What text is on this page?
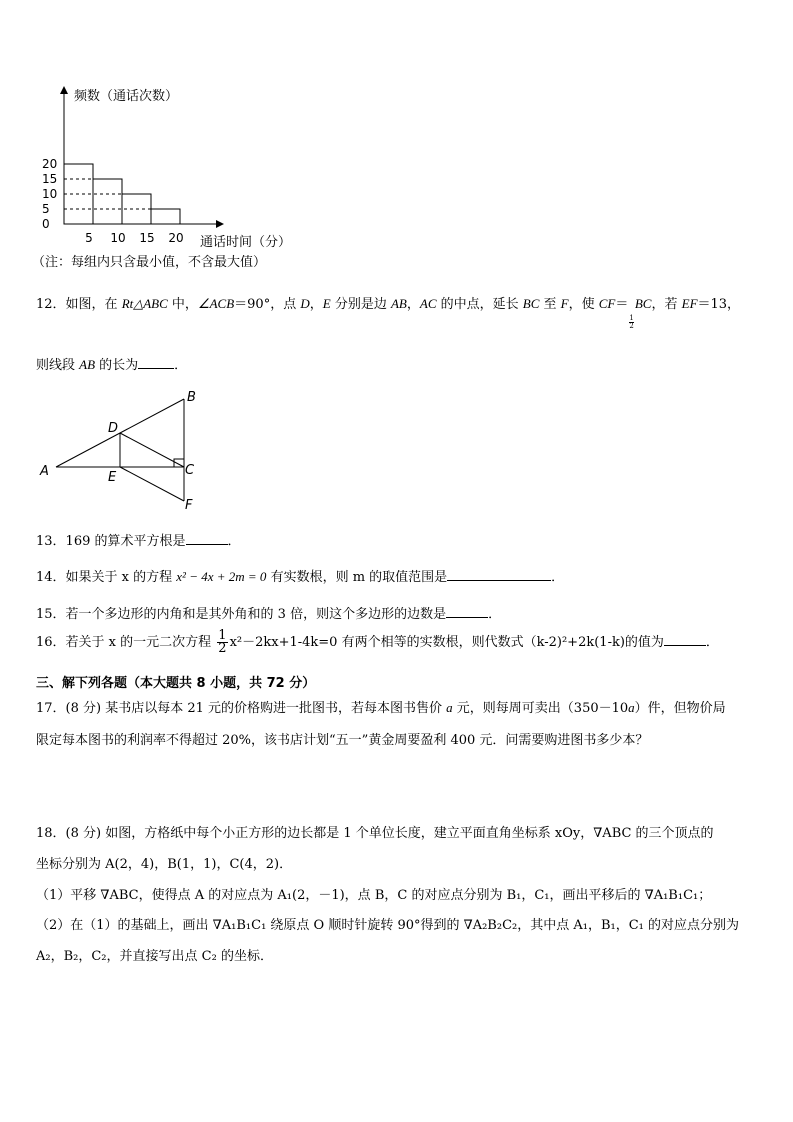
0
5
10
15
20
5 10 15 20
频数（通话次数）
通话时间（分）
（注：每组内只含最小值，不含最大值）
12．如图，在 Rt△ABC 中，∠ACB＝90°，点 D，E 分别是边 AB，AC 的中点，延长 BC 至 F，使 CF＝
$\frac{1}{2}$
BC，若 EF＝13，
则线段 AB 的长为	．
A
B
C
D
E
F
13．169 的算术平方根是	．
14．如果关于 x 的方程 x² − 4x + 2m = 0 有实数根，则 m 的取值范围是	．
15．若一个多边形的内角和是其外角和的 3 倍，则这个多边形的边数是	．
16．若关于 x 的一元二次方程 $\frac{1}{2} x^2-2kx+1-4k=0$ 有两个相等的实数根，则代数式（k-2)²+2k(1-k)的值为	．
三、解下列各题（本大题共 8 小题，共 72 分）
17．(8 分) 某书店以每本 21 元的价格购进一批图书，若每本图书售价 a 元，则每周可卖出（350－10a）件，但物价局
限定每本图书的利润率不得超过 20%，该书店计划“五一”黄金周要盈利 400 元．问需要购进图书多少本？
18．(8 分) 如图，方格纸中每个小正方形的边长都是 1 个单位长度，建立平面直角坐标系 xOy，∇ABC 的三个顶点的
坐标分别为 A(2，4)，B(1，1)，C(4，2)．
（1）平移 ∇ABC，使得点 A 的对应点为 A₁(2，－1)，点 B，C 的对应点分别为 B₁，C₁，画出平移后的 ∇A₁B₁C₁；
（2）在（1）的基础上，画出 ∇A₁B₁C₁ 绕原点 O 顺时针旋转 90°得到的 ∇A₂B₂C₂，其中点 A₁，B₁，C₁ 的对应点分别为
A₂，B₂，C₂，并直接写出点 C₂ 的坐标．
